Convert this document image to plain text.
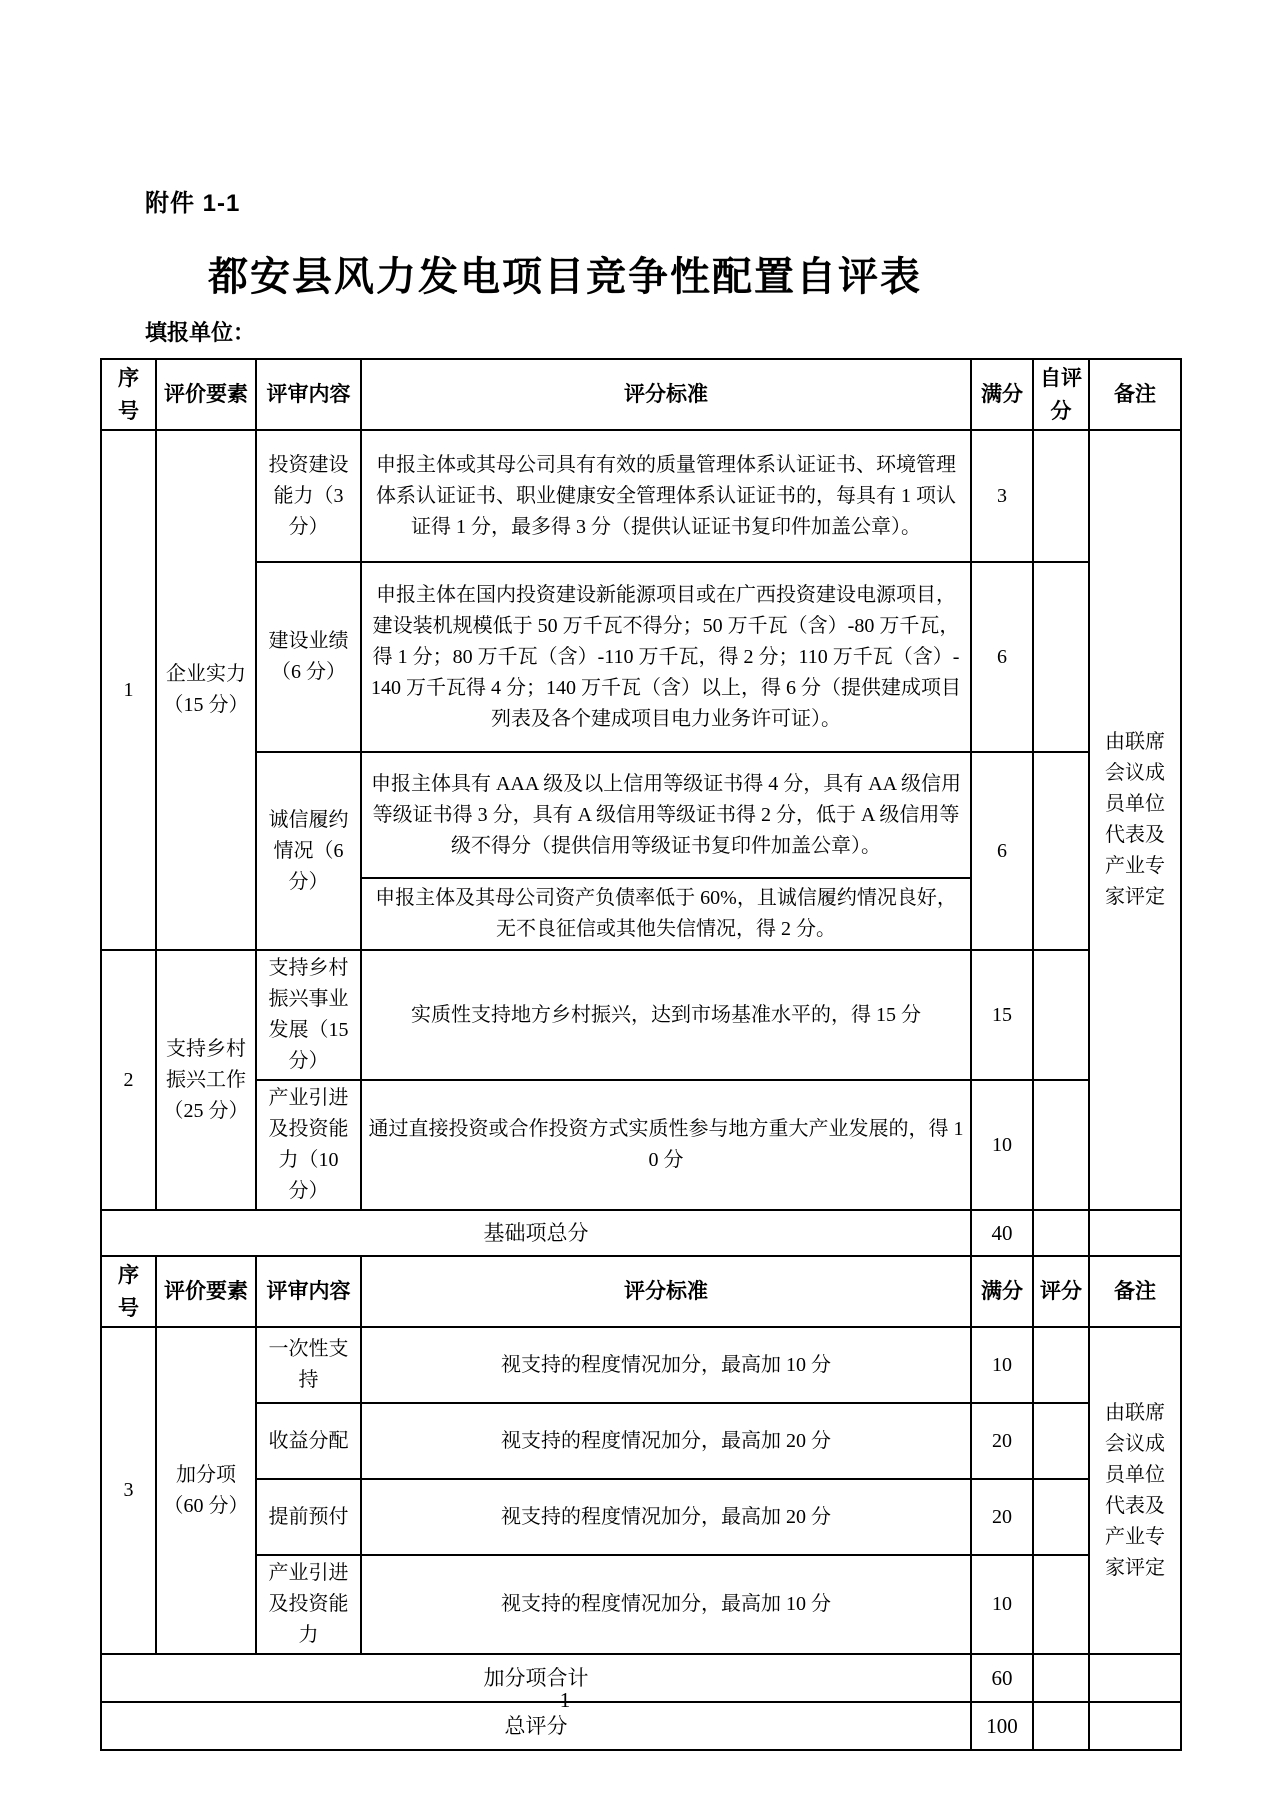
附件 1-1
都安县风力发电项目竞争性配置自评表
填报单位：
序号	评价要素	评审内容	评分标准	满分	自评分	备注
1	企业实力（15 分）	投资建设能力（3 分）	申报主体或其母公司具有有效的质量管理体系认证证书、环境管理体系认证证书、职业健康安全管理体系认证证书的，每具有 1 项认证得 1 分，最多得 3 分（提供认证证书复印件加盖公章）。	3		由联席会议成员单位代表及产业专家评定
		建设业绩（6 分）	申报主体在国内投资建设新能源项目或在广西投资建设电源项目，建设装机规模低于 50 万千瓦不得分；50 万千瓦（含）-80 万千瓦，得 1 分；80 万千瓦（含）-110 万千瓦，得 2 分；110 万千瓦（含）-140 万千瓦得 4 分；140 万千瓦（含）以上，得 6 分（提供建成项目列表及各个建成项目电力业务许可证）。	6		
		诚信履约情况（6 分）	申报主体具有 AAA 级及以上信用等级证书得 4 分，具有 AA 级信用等级证书得 3 分，具有 A 级信用等级证书得 2 分，低于 A 级信用等级不得分（提供信用等级证书复印件加盖公章）。	6		
			申报主体及其母公司资产负债率低于 60%，且诚信履约情况良好，无不良征信或其他失信情况，得 2 分。			
2	支持乡村振兴工作（25 分）	支持乡村振兴事业发展（15 分）	实质性支持地方乡村振兴，达到市场基准水平的，得 15 分	15		
		产业引进及投资能力（10 分）	通过直接投资或合作投资方式实质性参与地方重大产业发展的，得 10 分	10		
基础项总分				40		
序号	评价要素	评审内容	评分标准	满分	评分	备注
3	加分项（60 分）	一次性支持	视支持的程度情况加分，最高加 10 分	10		由联席会议成员单位代表及产业专家评定
		收益分配	视支持的程度情况加分，最高加 20 分	20		
		提前预付	视支持的程度情况加分，最高加 20 分	20		
		产业引进及投资能力	视支持的程度情况加分，最高加 10 分	10		
加分项合计				60		
总评分				100		
— 1 —
